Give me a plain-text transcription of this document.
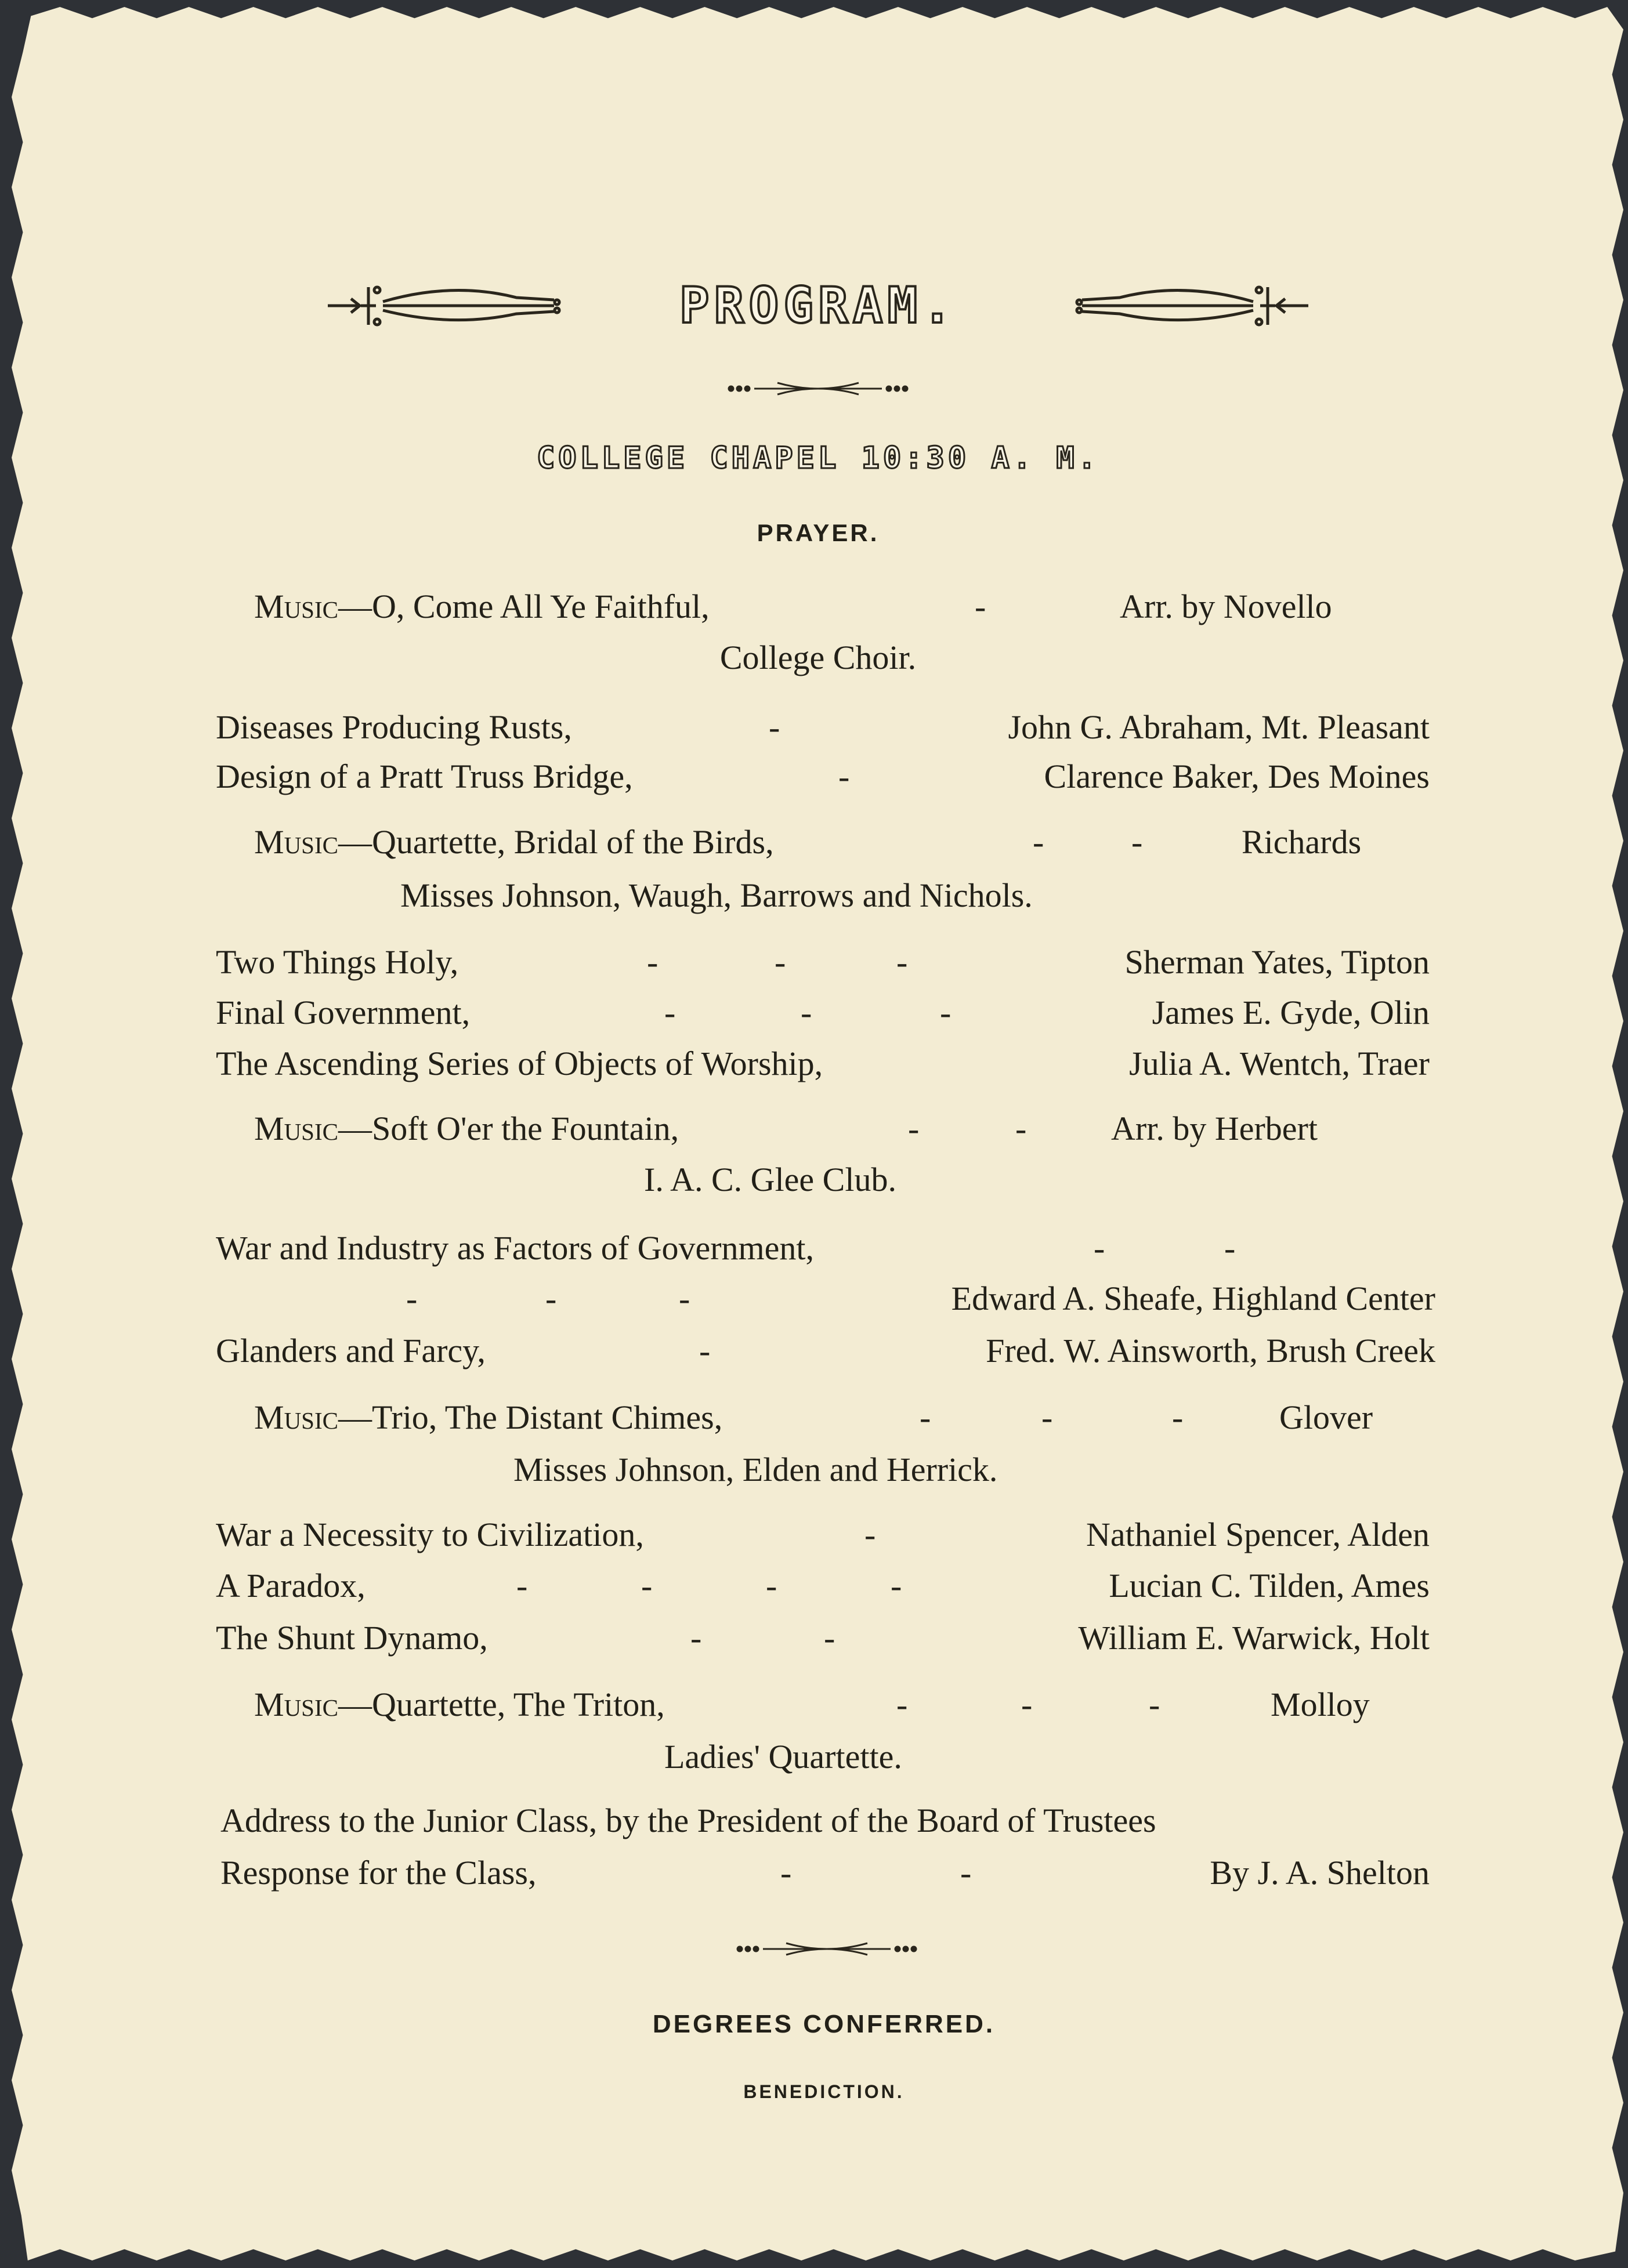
PROGRAM.
COLLEGE CHAPEL 10:30 A. M.
PRAYER.
Music—O, Come All Ye Faithful,	-	Arr. by Novello
College Choir.
Diseases Producing Rusts,	-	John G. Abraham, Mt. Pleasant
Design of a Pratt Truss Bridge,	-	Clarence Baker, Des Moines
Music—Quartette, Bridal of the Birds,	-	-	Richards
Misses Johnson, Waugh, Barrows and Nichols.
Two Things Holy,	-	-	-	Sherman Yates, Tipton
Final Government,	-	-	-	James E. Gyde, Olin
The Ascending Series of Objects of Worship,	Julia A. Wentch, Traer
Music—Soft O'er the Fountain,	-	-	Arr. by Herbert
I. A. C. Glee Club.
War and Industry as Factors of Government,	-	-
-	-	-	Edward A. Sheafe, Highland Center
Glanders and Farcy,	-	Fred. W. Ainsworth, Brush Creek
Music—Trio, The Distant Chimes,	-	-	-	Glover
Misses Johnson, Elden and Herrick.
War a Necessity to Civilization,	-	Nathaniel Spencer, Alden
A Paradox,	-	-	-	-	Lucian C. Tilden, Ames
The Shunt Dynamo,	-	-	William E. Warwick, Holt
Music—Quartette, The Triton,	-	-	-	Molloy
Ladies' Quartette.
Address to the Junior Class, by the President of the Board of Trustees
Response for the Class,	-	-	By J. A. Shelton
DEGREES CONFERRED.
BENEDICTION.
